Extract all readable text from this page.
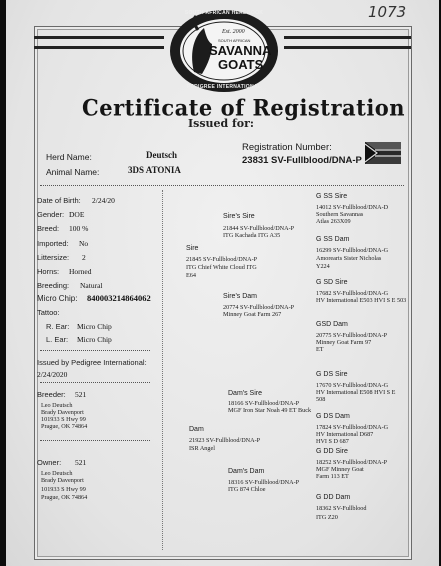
1073
SOUTH AFRICAN HERDBOOK
Est. 2000
SOUTH AFRICAN
SAVANNA
GOATS
PEDIGREE INTERNATIONAL
Certificate of Registration
Issued for:
Herd Name:	Deutsch
Animal Name:	3DS ATONIA
Registration Number:
23831 SV-Fullblood/DNA-P
Date of Birth: 2/24/20
Gender: DOE
Breed: 100 %
Imported: No
Littersize: 2
Horns: Horned
Breeding: Natural
Micro Chip: 840003214864062
Tattoo:
R. Ear: Micro Chip
L. Ear: Micro Chip
Issued by Pedigree International:
2/24/2020
Breeder: 521
Leo Deutsch
Brady Davenport
101933 S Hwy 99
Prague, OK 74864
Owner: 521
Leo Deutsch
Brady Davenport
101933 S Hwy 99
Prague, OK 74864
Sire
21845 SV-Fullblood/DNA-P
ITG Chief White Cloud ITG
E64
Sire's Sire
21844 SV-Fullblood/DNA-P
ITG Kachada ITG A35
Sire's Dam
20774 SV-Fullblood/DNA-P
Minney Goat Farm 267
G SS Sire
14012 SV-Fullblood/DNA-D
Southern Savannas
Atlas 263X09
G SS Dam
16299 SV-Fullblood/DNA-G
Amorearts Sister Nicholas
Y224
G SD Sire
17682 SV-Fullblood/DNA-G
HV International E503 HVI S E 503
GSD Dam
20775 SV-Fullblood/DNA-P
Minney Goat Farm 97
ET
Dam
21923 SV-Fullblood/DNA-P
ISR Angel
Dam's Sire
18166 SV-Fullblood/DNA-P
MGF Iron Star Noah 49 ET Buck
Dam's Dam
18316 SV-Fullblood/DNA-P
ITG 874 Chloe
G DS Sire
17670 SV-Fullblood/DNA-G
HV International E508 HVI S E
508
G DS Dam
17824 SV-Fullblood/DNA-G
HV International D687
HVI S D 687
G DD Sire
18252 SV-Fullblood/DNA-P
MGF Minney Goat
Farm 113 ET
G DD Dam
18362 SV-Fullblood
ITG Z20
